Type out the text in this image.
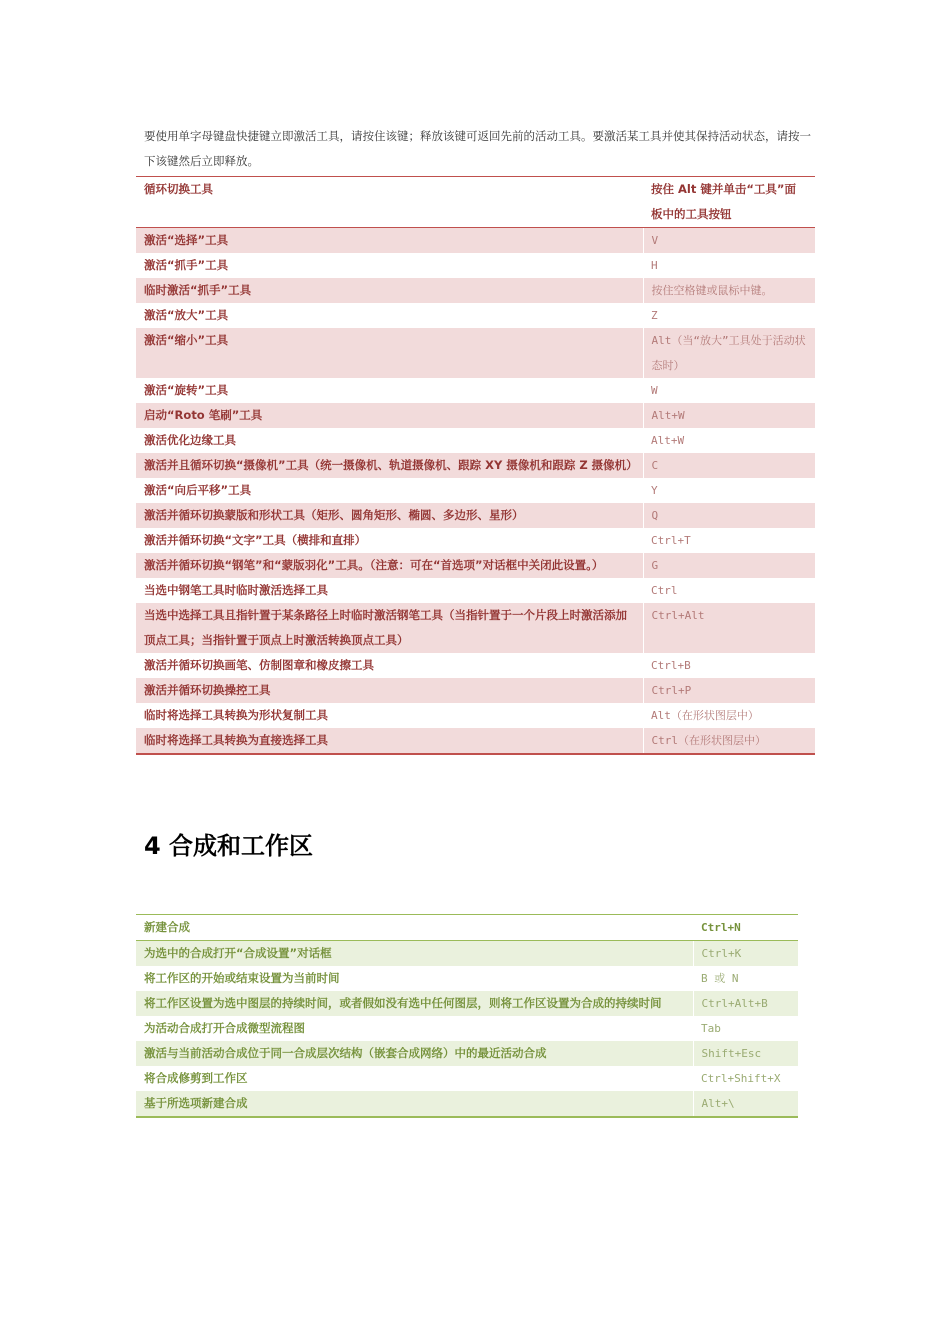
要使用单字母键盘快捷键立即激活工具，请按住该键；释放该键可返回先前的活动工具。要激活某工具并使其保持活动状态，请按一下该键然后立即释放。

循环切换工具	按住 Alt 键并单击“工具”面板中的工具按钮
激活“选择”工具	V
激活“抓手”工具	H
临时激活“抓手”工具	按住空格键或鼠标中键。
激活“放大”工具	Z
激活“缩小”工具	Alt（当“放大”工具处于活动状态时）
激活“旋转”工具	W
启动“Roto 笔刷”工具	Alt+W
激活优化边缘工具	Alt+W
激活并且循环切换“摄像机”工具（统一摄像机、轨道摄像机、跟踪 XY 摄像机和跟踪 Z 摄像机）	C
激活“向后平移”工具	Y
激活并循环切换蒙版和形状工具（矩形、圆角矩形、椭圆、多边形、星形）	Q
激活并循环切换“文字”工具（横排和直排）	Ctrl+T
激活并循环切换“钢笔”和“蒙版羽化”工具。（注意：可在“首选项”对话框中关闭此设置。）	G
当选中钢笔工具时临时激活选择工具	Ctrl
当选中选择工具且指针置于某条路径上时临时激活钢笔工具（当指针置于一个片段上时激活添加顶点工具；当指针置于顶点上时激活转换顶点工具）	Ctrl+Alt
激活并循环切换画笔、仿制图章和橡皮擦工具	Ctrl+B
激活并循环切换操控工具	Ctrl+P
临时将选择工具转换为形状复制工具	Alt（在形状图层中）
临时将选择工具转换为直接选择工具	Ctrl（在形状图层中）
4 合成和工作区
新建合成	Ctrl+N
为选中的合成打开“合成设置”对话框	Ctrl+K
将工作区的开始或结束设置为当前时间	B 或 N
将工作区设置为选中图层的持续时间，或者假如没有选中任何图层，则将工作区设置为合成的持续时间	Ctrl+Alt+B
为活动合成打开合成微型流程图	Tab
激活与当前活动合成位于同一合成层次结构（嵌套合成网络）中的最近活动合成	Shift+Esc
将合成修剪到工作区	Ctrl+Shift+X
基于所选项新建合成	Alt+\
